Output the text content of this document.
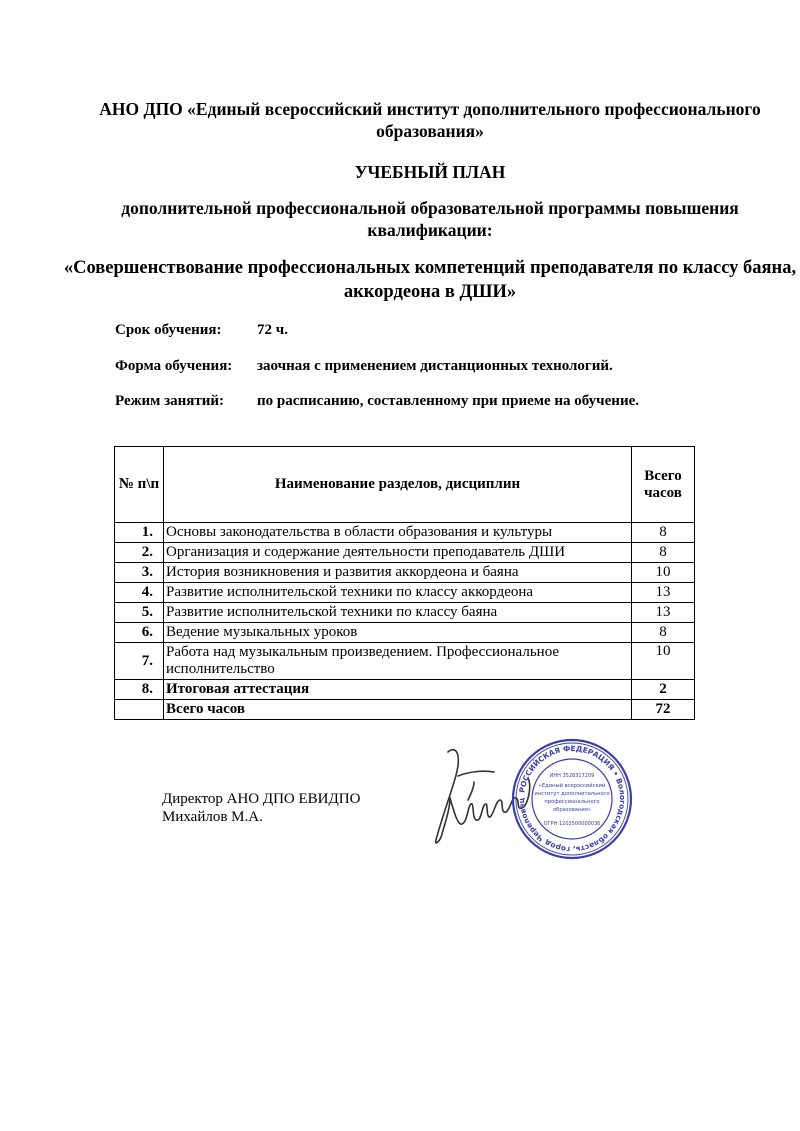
АНО ДПО «Единый всероссийский институт дополнительного профессионального образования»
УЧЕБНЫЙ ПЛАН
дополнительной профессиональной образовательной программы повышения квалификации:
«Совершенствование профессиональных компетенций преподавателя по классу баяна, аккордеона в ДШИ»
Срок обучения: 72 ч.
Форма обучения: заочная с применением дистанционных технологий.
Режим занятий: по расписанию, составленному при приеме на обучение.
№ п\п	Наименование разделов, дисциплин	Всего часов
1.	Основы законодательства в области образования и культуры	8
2.	Организация и содержание деятельности преподаватель ДШИ	8
3.	История возникновения и развития аккордеона и баяна	10
4.	Развитие исполнительской техники по классу аккордеона	13
5.	Развитие исполнительской техники по классу баяна	13
6.	Ведение музыкальных уроков	8
7.	Работа над музыкальным произведением. Профессиональное исполнительство	10
8.	Итоговая аттестация	2
	Всего часов	72
Директор АНО ДПО ЕВИДПО
Михайлов М.А.
РОССИЙСКАЯ ФЕДЕРАЦИЯ • Вологодская область, город Череповец
ИНН 3528317209
«Единый всероссийский
институт дополнительного
профессионального
образования»
ОГРН 1203500000036
